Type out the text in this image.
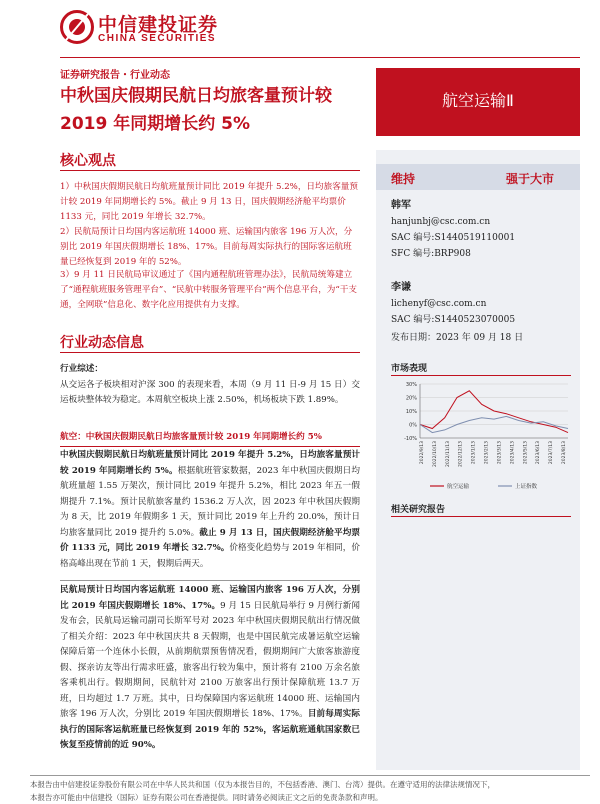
中信建投证券
CHINA SECURITIES
证券研究报告・行业动态
中秋国庆假期民航日均旅客量预计较 2019 年同期增长约 5%
航空运输Ⅱ
维持	强于大市
韩军
hanjunbj@csc.com.cn
SAC 编号:S1440519110001
SFC 编号:BRP908
李谦
lichenyf@csc.com.cn
SAC 编号:S1440523070005
发布日期：2023 年 09 月 18 日
市场表现
30%
20%
10%
0%
-10%
2022/9/13 2022/10/13 2022/11/13 2022/12/13 2023/1/13 2023/2/13 2023/3/13 2023/4/13 2023/5/13 2023/6/13 2023/7/13 2023/8/13
航空运输	上证指数
相关研究报告
核心观点
1）中秋国庆假期民航日均航班量预计同比 2019 年提升 5.2%，日均旅客量预计较 2019 年同期增长约 5%。截止 9 月 13 日，国庆假期经济舱平均票价 1133 元，同比 2019 年增长 32.7%。
2）民航局预计日均国内客运航班 14000 班、运输国内旅客 196 万人次，分别比 2019 年国庆假期增长 18%、17%。目前每周实际执行的国际客运航班量已经恢复到 2019 年的 52%。
3）9 月 11 日民航局审议通过了《国内通程航班管理办法》，民航局统筹建立了“通程航班服务管理平台”、“民航中转服务管理平台”两个信息平台，为“干支通，全网联”信息化、数字化应用提供有力支撑。
行业动态信息
行业综述：
从交运各子板块相对沪深 300 的表现来看，本周（9 月 11 日-9 月 15 日）交运板块整体较为稳定。本周航空板块上涨 2.50%，机场板块下跌 1.89%。
航空：中秋国庆假期民航日均旅客量预计较 2019 年同期增长约 5%
中秋国庆假期民航日均航班量预计同比 2019 年提升 5.2%，日均旅客量预计较 2019 年同期增长约 5%。根据航班管家数据，2023 年中秋国庆假期日均航班量超 1.55 万架次，预计同比 2019 年提升 5.2%，相比 2023 年五一假期提升 7.1%。预计民航旅客量约 1536.2 万人次，因 2023 年中秋国庆假期为 8 天，比 2019 年假期多 1 天，预计同比 2019 年上升约 20.0%，预计日均旅客量同比 2019 提升约 5.0%。截止 9 月 13 日，国庆假期经济舱平均票价 1133 元，同比 2019 年增长 32.7%。价格变化趋势与 2019 年相同，价格高峰出现在节前 1 天，假期后两天。
民航局预计日均国内客运航班 14000 班、运输国内旅客 196 万人次，分别比 2019 年国庆假期增长 18%、17%。9 月 15 日民航局举行 9 月例行新闻发布会，民航局运输司副司长斯军号对 2023 年中秋国庆假期民航出行情况做了相关介绍：2023 年中秋国庆共 8 天假期，也是中国民航完成暑运航空运输保障后第一个连休小长假，从前期航票预售情况看，假期期间广大旅客旅游度假、探亲访友等出行需求旺盛，旅客出行较为集中，预计将有 2100 万余名旅客乘机出行。假期期间，民航针对 2100 万旅客出行预计保障航班 13.7 万班，日均超过 1.7 万班。其中，日均保障国内客运航班 14000 班、运输国内旅客 196 万人次，分别比 2019 年国庆假期增长 18%、17%。目前每周实际执行的国际客运航班量已经恢复到 2019 年的 52%，客运航班通航国家数已恢复至疫情前的近 90%。
本报告由中信建投证券股份有限公司在中华人民共和国（仅为本报告目的，不包括香港、澳门、台湾）提供。在遵守适用的法律法规情况下，
本报告亦可能由中信建投（国际）证券有限公司在香港提供。同时请务必阅读正文之后的免责条款和声明。
